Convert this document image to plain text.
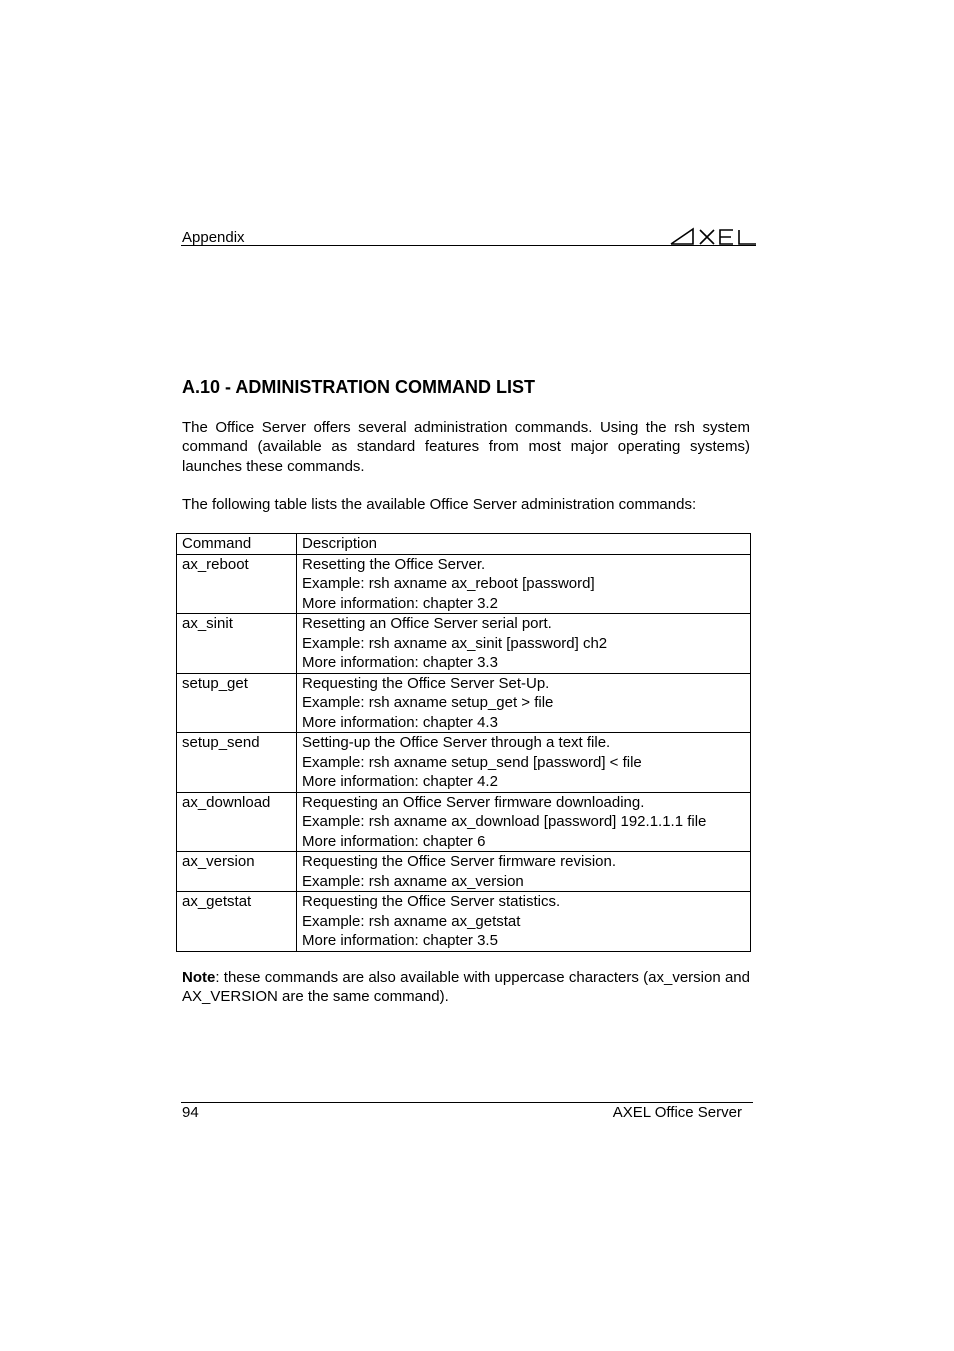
Appendix
A.10 - ADMINISTRATION COMMAND LIST

The Office Server offers several administration commands. Using the rsh system command (available as standard features from most major operating systems) launches these commands.

The following table lists the available Office Server administration commands:

Command	Description
ax_reboot	Resetting the Office Server.
Example: rsh axname ax_reboot [password]
More information: chapter 3.2

ax_sinit	Resetting an Office Server serial port.
Example: rsh axname ax_sinit [password] ch2
More information: chapter 3.3

setup_get	Requesting the Office Server Set-Up.
Example: rsh axname setup_get > file
More information: chapter 4.3

setup_send	Setting-up the Office Server through a text file.
Example: rsh axname setup_send [password] < file
More information: chapter 4.2

ax_download	Requesting an Office Server firmware downloading.
Example: rsh axname ax_download [password] 192.1.1.1 file
More information: chapter 6

ax_version	Requesting the Office Server firmware revision.
Example: rsh axname ax_version

ax_getstat	Requesting the Office Server statistics.
Example: rsh axname ax_getstat
More information: chapter 3.5

Note: these commands are also available with uppercase characters (ax_version and AX_VERSION are the same command).

94	AXEL Office Server
